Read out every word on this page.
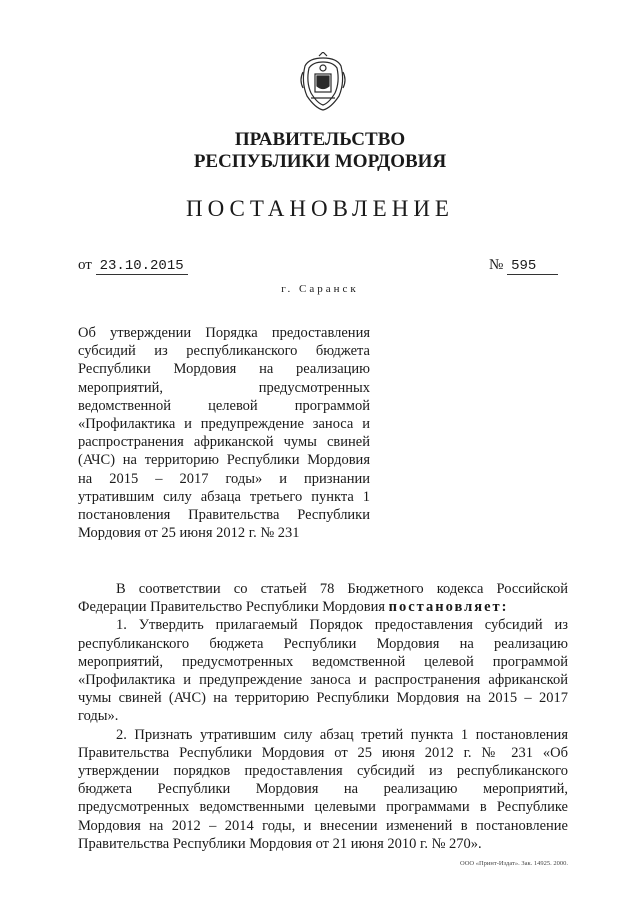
ПРАВИТЕЛЬСТВО
РЕСПУБЛИКИ МОРДОВИЯ
ПОСТАНОВЛЕНИЕ
от 23.10.2015	№ 595
г. Саранск
Об утверждении Порядка предоставления
субсидий из республиканского бюджета
Республики Мордовия на реализацию
мероприятий, предусмотренных
ведомственной целевой программой
«Профилактика и предупреждение заноса и
распространения африканской чумы свиней
(АЧС) на территорию Республики Мордовия
на 2015 – 2017 годы» и признании
утратившим силу абзаца третьего пункта 1
постановления Правительства Республики
Мордовия от 25 июня 2012 г. № 231
В соответствии со статьей 78 Бюджетного кодекса Российской
Федерации Правительство Республики Мордовия постановляет:
1. Утвердить прилагаемый Порядок предоставления субсидий из
республиканского бюджета Республики Мордовия на реализацию
мероприятий, предусмотренных ведомственной целевой программой
«Профилактика и предупреждение заноса и распространения африканской
чумы свиней (АЧС) на территорию Республики Мордовия на 2015 – 2017
годы».
2. Признать утратившим силу абзац третий пункта 1 постановления
Правительства Республики Мордовия от 25 июня 2012 г. № 231 «Об
утверждении порядков предоставления субсидий из республиканского
бюджета Республики Мордовия на реализацию мероприятий,
предусмотренных ведомственными целевыми программами в Республике
Мордовия на 2012 – 2014 годы, и внесении изменений в постановление
Правительства Республики Мордовия от 21 июня 2010 г. № 270».
ООО «Принт-Издат». Зак. 14925. 2000.
